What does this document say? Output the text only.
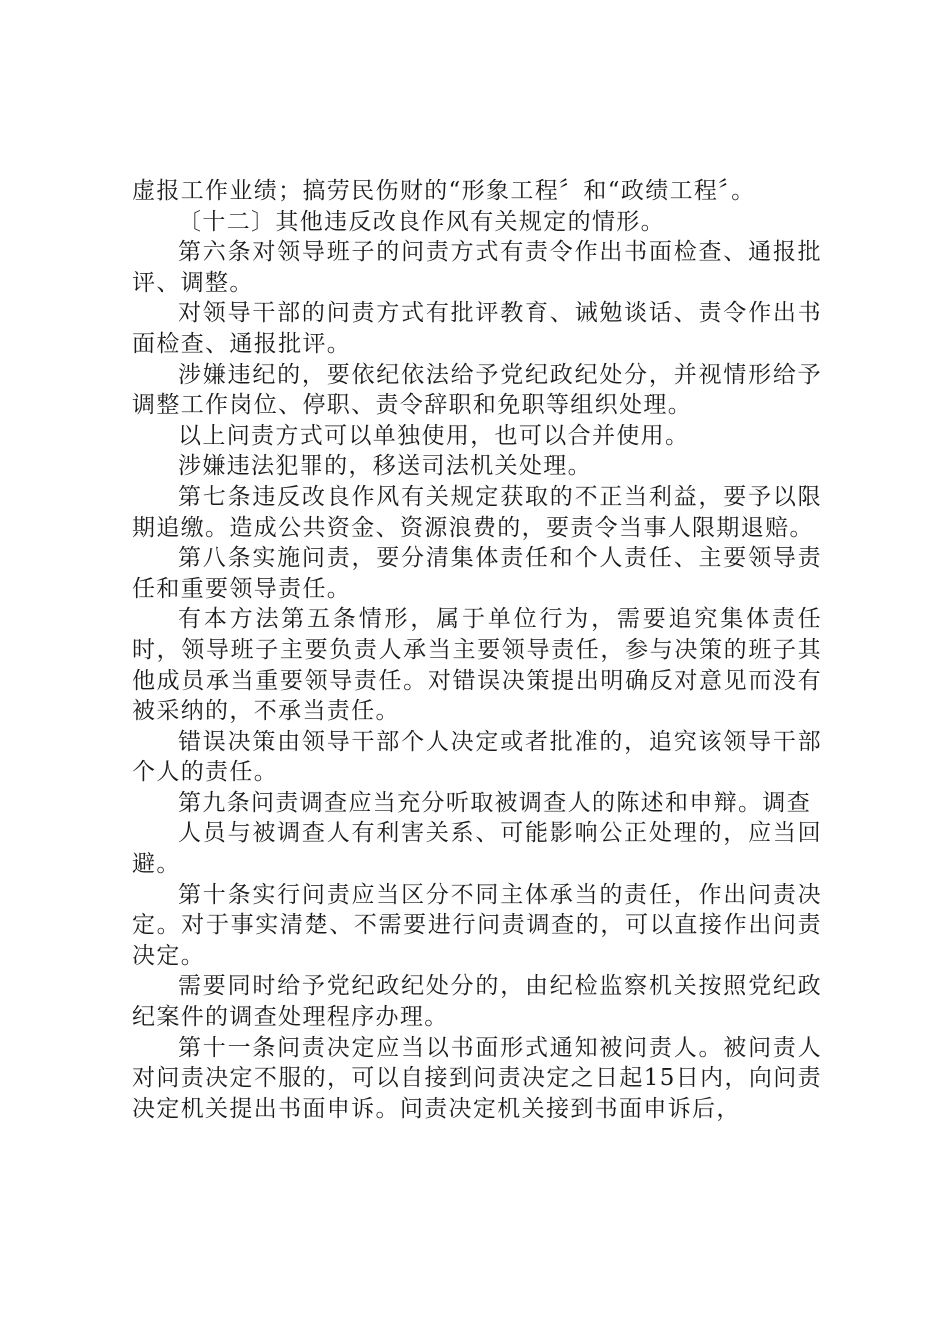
虚报工作业绩；搞劳民伤财的“形象工程〞和“政绩工程〞。

〔十二〕其他违反改良作风有关规定的情形。

第六条对领导班子的问责方式有责令作出书面检查、通报批评、调整。

对领导干部的问责方式有批评教育、诫勉谈话、责令作出书面检查、通报批评。

涉嫌违纪的，要依纪依法给予党纪政纪处分，并视情形给予调整工作岗位、停职、责令辞职和免职等组织处理。

以上问责方式可以单独使用，也可以合并使用。

涉嫌违法犯罪的，移送司法机关处理。

第七条违反改良作风有关规定获取的不正当利益，要予以限期追缴。造成公共资金、资源浪费的，要责令当事人限期退赔。

第八条实施问责，要分清集体责任和个人责任、主要领导责任和重要领导责任。

有本方法第五条情形，属于单位行为，需要追究集体责任时，领导班子主要负责人承当主要领导责任，参与决策的班子其他成员承当重要领导责任。对错误决策提出明确反对意见而没有被采纳的，不承当责任。

错误决策由领导干部个人决定或者批准的，追究该领导干部个人的责任。

第九条问责调查应当充分听取被调查人的陈述和申辩。调查

人员与被调查人有利害关系、可能影响公正处理的，应当回避。

第十条实行问责应当区分不同主体承当的责任，作出问责决定。对于事实清楚、不需要进行问责调查的，可以直接作出问责决定。

需要同时给予党纪政纪处分的，由纪检监察机关按照党纪政纪案件的调查处理程序办理。

第十一条问责决定应当以书面形式通知被问责人。被问责人对问责决定不服的，可以自接到问责决定之日起15日内，向问责决定机关提出书面申诉。问责决定机关接到书面申诉后，
